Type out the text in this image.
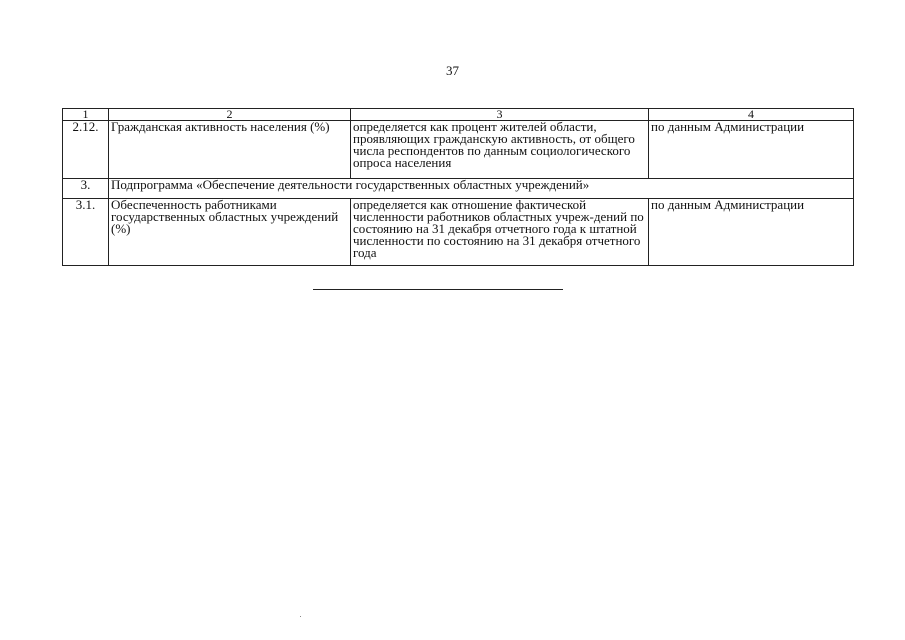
37
1	2	3	4
2.12.	Гражданская активность населения (%)	определяется как процент жителей области, проявляющих гражданскую активность, от общего числа респондентов по данным социологического опроса населения	по данным Администрации
3.	Подпрограмма «Обеспечение деятельности государственных областных учреждений»		
3.1.	Обеспеченность работниками государственных областных учреждений (%)	определяется как отношение фактической численности работников областных учреж-дений по состоянию на 31 декабря отчетного года к штатной численности по состоянию на 31 декабря отчетного года	по данным Администрации
